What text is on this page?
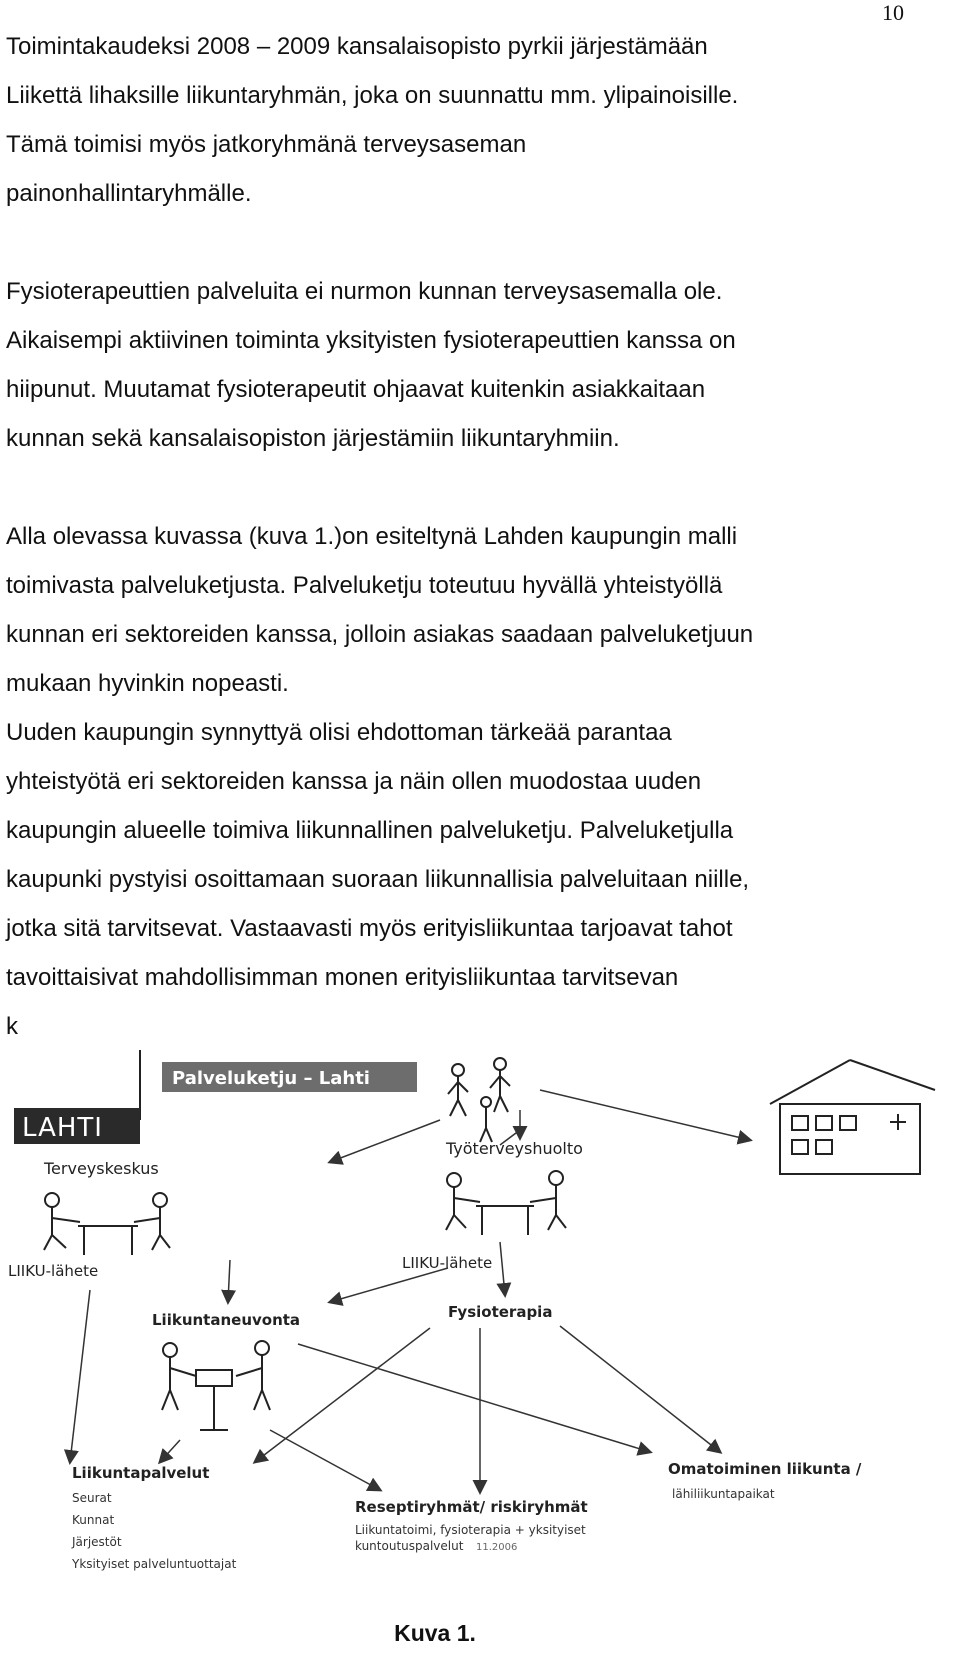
10

Toimintakaudeksi 2008 – 2009 kansalaisopisto pyrkii järjestämään
Liikettä lihaksille liikuntaryhmän, joka on suunnattu mm. ylipainoisille.
Tämä toimisi myös jatkoryhmänä terveysaseman
painonhallintaryhmälle.

Fysioterapeuttien palveluita ei nurmon kunnan terveysasemalla ole.
Aikaisempi aktiivinen toiminta yksityisten fysioterapeuttien kanssa on
hiipunut. Muutamat fysioterapeutit ohjaavat kuitenkin asiakkaitaan
kunnan sekä kansalaisopiston järjestämiin liikuntaryhmiin.

Alla olevassa kuvassa (kuva 1.)on esiteltynä Lahden kaupungin malli
toimivasta palveluketjusta. Palveluketju toteutuu hyvällä yhteistyöllä
kunnan eri sektoreiden kanssa, jolloin asiakas saadaan palveluketjuun
mukaan hyvinkin nopeasti.
Uuden kaupungin synnyttyä olisi ehdottoman tärkeää parantaa
yhteistyötä eri sektoreiden kanssa ja näin ollen muodostaa uuden
kaupungin alueelle toimiva liikunnallinen palveluketju. Palveluketjulla
kaupunki pystyisi osoittamaan suoraan liikunnallisia palveluitaan niille,
jotka sitä tarvitsevat. Vastaavasti myös erityisliikuntaa tarjoavat tahot
tavoittaisivat mahdollisimman monen erityisliikuntaa tarvitsevan
k

Palveluketju – Lahti
LAHTI
Terveyskeskus
Työterveyshuolto
LIIKU-lähete	LIIKU-lähete
Liikuntaneuvonta	Fysioterapia
Liikuntapalvelut
Seurat
Kunnat
Järjestöt
Yksityiset palveluntuottajat
Omatoiminen liikunta /
lähiliikuntapaikat
Reseptiryhmät/ riskiryhmät
Liikuntatoimi, fysioterapia + yksityiset
kuntoutuspalvelut 11.2006
Kuva 1.
